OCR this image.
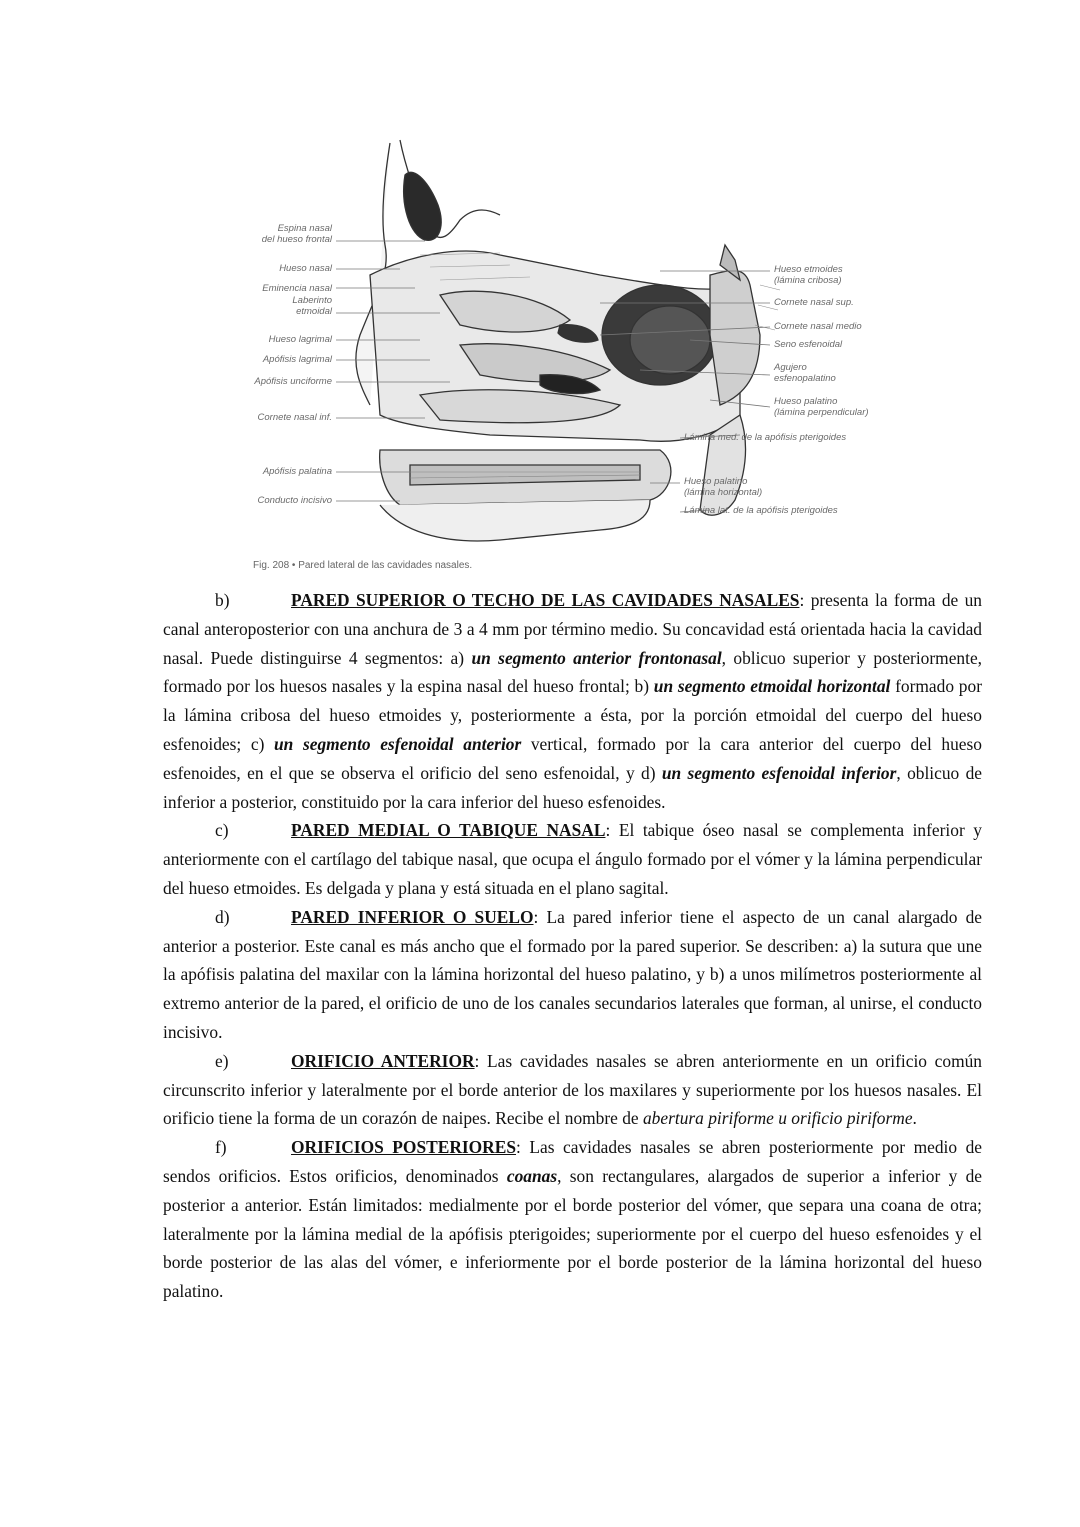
Espina nasal
del hueso frontal
Hueso nasal
Eminencia nasal
Laberinto
etmoidal
Hueso lagrimal
Apófisis lagrimal
Apófisis unciforme
Cornete nasal inf.
Apófisis palatina
Conducto incisivo
Hueso etmoides
(lámina cribosa)
Cornete nasal sup.
Cornete nasal medio
Seno esfenoidal
Agujero
esfenopalatino
Hueso palatino
(lámina perpendicular)
Lámina med. de la apófisis pterigoides
Hueso palatino
(lámina horizontal)
Lámina lat. de la apófisis pterigoides
Fig. 208 • Pared lateral de las cavidades nasales.

b)	PARED SUPERIOR O TECHO DE LAS CAVIDADES NASALES: presenta la forma de un canal anteroposterior con una anchura de 3 a 4 mm por término medio. Su concavidad está orientada hacia la cavidad nasal. Puede distinguirse 4 segmentos: a) un segmento anterior frontonasal, oblicuo superior y posteriormente, formado por los huesos nasales y la espina nasal del hueso frontal; b) un segmento etmoidal horizontal formado por la lámina cribosa del hueso etmoides y, posteriormente a ésta, por la porción etmoidal del cuerpo del hueso esfenoides; c) un segmento esfenoidal anterior vertical, formado por la cara anterior del cuerpo del hueso esfenoides, en el que se observa el orificio del seno esfenoidal, y d) un segmento esfenoidal inferior, oblicuo de inferior a posterior, constituido por la cara inferior del hueso esfenoides.

c)	PARED MEDIAL O TABIQUE NASAL: El tabique óseo nasal se complementa inferior y anteriormente con el cartílago del tabique nasal, que ocupa el ángulo formado por el vómer y la lámina perpendicular del hueso etmoides. Es delgada y plana y está situada en el plano sagital.

d)	PARED INFERIOR O SUELO: La pared inferior tiene el aspecto de un canal alargado de anterior a posterior. Este canal es más ancho que el formado por la pared superior. Se describen: a) la sutura que une la apófisis palatina del maxilar con la lámina horizontal del hueso palatino, y b) a unos milímetros posteriormente al extremo anterior de la pared, el orificio de uno de los canales secundarios laterales que forman, al unirse, el conducto incisivo.

e)	ORIFICIO ANTERIOR: Las cavidades nasales se abren anteriormente en un orificio común circunscrito inferior y lateralmente por el borde anterior de los maxilares y superiormente por los huesos nasales. El orificio tiene la forma de un corazón de naipes. Recibe el nombre de abertura piriforme u orificio piriforme.

f)	ORIFICIOS POSTERIORES: Las cavidades nasales se abren posteriormente por medio de sendos orificios. Estos orificios, denominados coanas, son rectangulares, alargados de superior a inferior y de posterior a anterior. Están limitados: medialmente por el borde posterior del vómer, que separa una coana de otra; lateralmente por la lámina medial de la apófisis pterigoides; superiormente por el cuerpo del hueso esfenoides y el borde posterior de las alas del vómer, e inferiormente por el borde posterior de la lámina horizontal del hueso palatino.
